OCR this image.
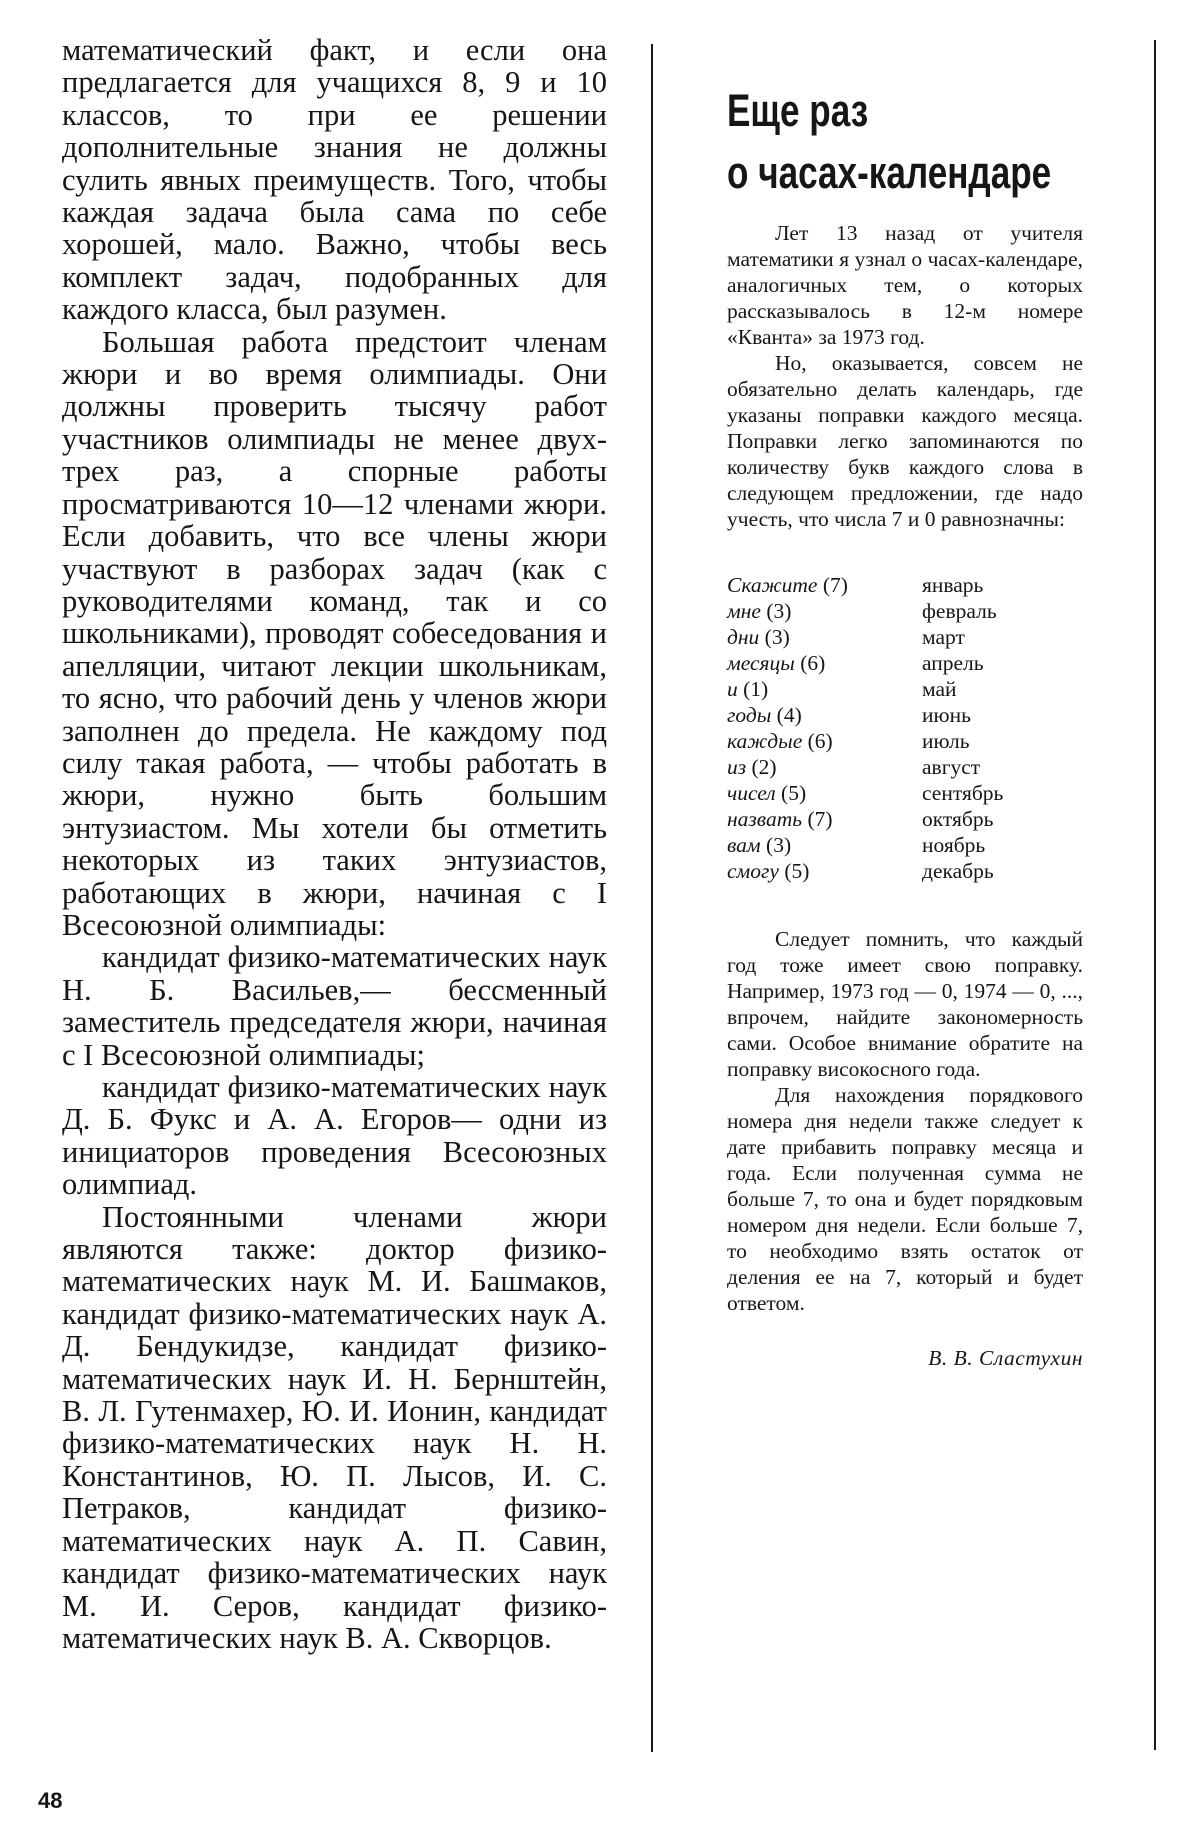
математический факт, и если она предлагается для учащихся 8, 9 и 10 классов, то при ее решении дополнительные знания не должны сулить явных преимуществ. Того, чтобы каждая задача была сама по себе хорошей, мало. Важно, чтобы весь комплект задач, подобранных для каждого класса, был разумен.

Большая работа предстоит членам жюри и во время олимпиады. Они должны проверить тысячу работ участников олимпиады не менее двух-трех раз, а спорные работы просматриваются 10—12 членами жюри. Если добавить, что все члены жюри участвуют в разборах задач (как с руководителями команд, так и со школьниками), проводят собеседования и апелляции, читают лекции школьникам, то ясно, что рабочий день у членов жюри заполнен до предела. Не каждому под силу такая работа, — чтобы работать в жюри, нужно быть большим энтузиастом. Мы хотели бы отметить некоторых из таких энтузиастов, работающих в жюри, начиная с I Всесоюзной олимпиады:

кандидат физико-математических наук Н. Б. Васильев,— бессменный заместитель председателя жюри, начиная с I Всесоюзной олимпиады;

кандидат физико-математических наук Д. Б. Фукс и А. А. Егоров— одни из инициаторов проведения Всесоюзных олимпиад.

Постоянными членами жюри являются также: доктор физико-математических наук М. И. Башмаков, кандидат физико-математических наук А. Д. Бендукидзе, кандидат физико-математических наук И. Н. Бернштейн, В. Л. Гутенмахер, Ю. И. Ионин, кандидат физико-математических наук Н. Н. Константинов, Ю. П. Лысов, И. С. Петраков, кандидат физико-математических наук А. П. Савин, кандидат физико-математических наук М. И. Серов, кандидат физико-математических наук В. А. Скворцов.

Еще раз
о часах-календаре

Лет 13 назад от учителя математики я узнал о часах-календаре, аналогичных тем, о которых рассказывалось в 12-м номере «Кванта» за 1973 год.

Но, оказывается, совсем не обязательно делать календарь, где указаны поправки каждого месяца. Поправки легко запоминаются по количеству букв каждого слова в следующем предложении, где надо учесть, что числа 7 и 0 равнозначны:

Скажите (7)	январь
мне (3)	февраль
дни (3)	март
месяцы (6)	апрель
и (1)	май
годы (4)	июнь
каждые (6)	июль
из (2)	август
чисел (5)	сентябрь
назвать (7)	октябрь
вам (3)	ноябрь
смогу (5)	декабрь

Следует помнить, что каждый год тоже имеет свою поправку. Например, 1973 год — 0, 1974 — 0, ..., впрочем, найдите закономерность сами. Особое внимание обратите на поправку високосного года.

Для нахождения порядкового номера дня недели также следует к дате прибавить поправку месяца и года. Если полученная сумма не больше 7, то она и будет порядковым номером дня недели. Если больше 7, то необходимо взять остаток от деления ее на 7, который и будет ответом.

В. В. Сластухин
48
